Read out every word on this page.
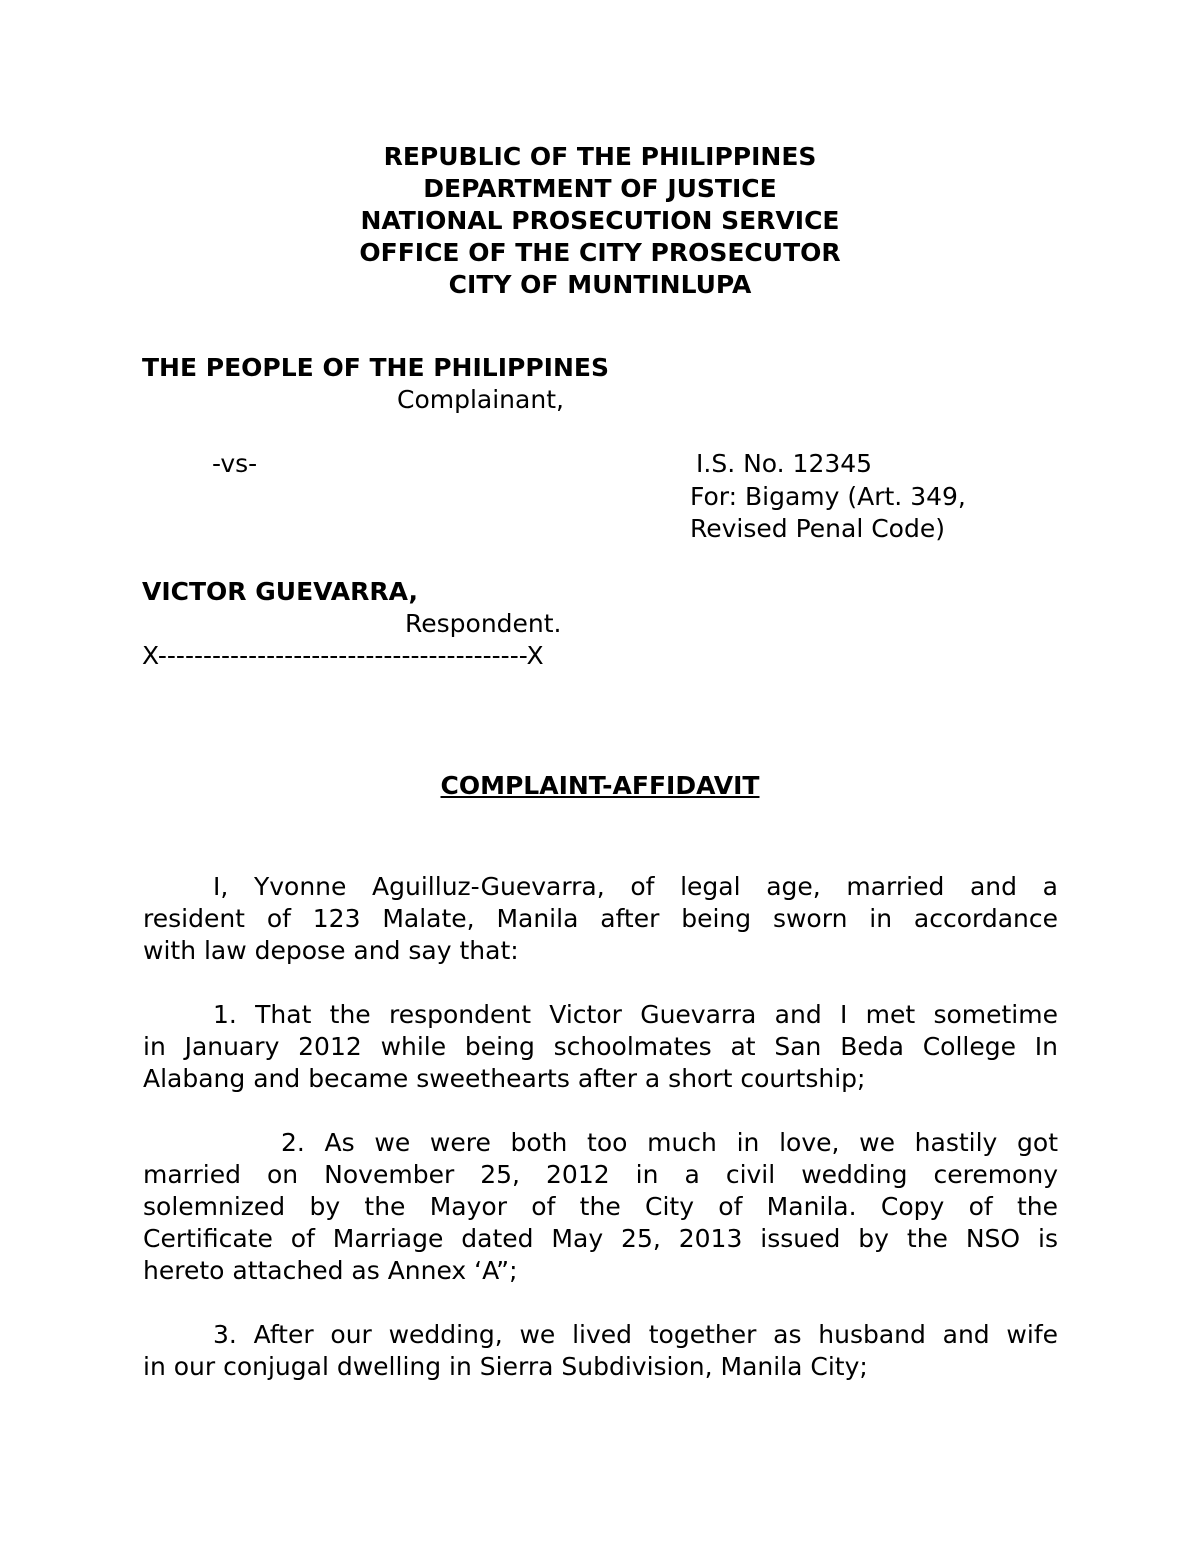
REPUBLIC OF THE PHILIPPINES

DEPARTMENT OF JUSTICE

NATIONAL PROSECUTION SERVICE

OFFICE OF THE CITY PROSECUTOR

CITY OF MUNTINLUPA

THE PEOPLE OF THE PHILIPPINES

Complainant,

-vs-	I.S. No. 12345

For: Bigamy (Art. 349,

Revised Penal Code)

VICTOR GUEVARRA,

Respondent.

X-----------------------------------------X

COMPLAINT-AFFIDAVIT

I, Yvonne Aguilluz-Guevarra, of legal age, married and a
resident of 123 Malate, Manila after being sworn in accordance
with law depose and say that:
1. That the respondent Victor Guevarra and I met sometime
in January 2012 while being schoolmates at San Beda College In
Alabang and became sweethearts after a short courtship;
2. As we were both too much in love, we hastily got
married on November 25, 2012 in a civil wedding ceremony
solemnized by the Mayor of the City of Manila. Copy of the
Certificate of Marriage dated May 25, 2013 issued by the NSO is
hereto attached as Annex ‘A”;
3. After our wedding, we lived together as husband and wife
in our conjugal dwelling in Sierra Subdivision, Manila City;
